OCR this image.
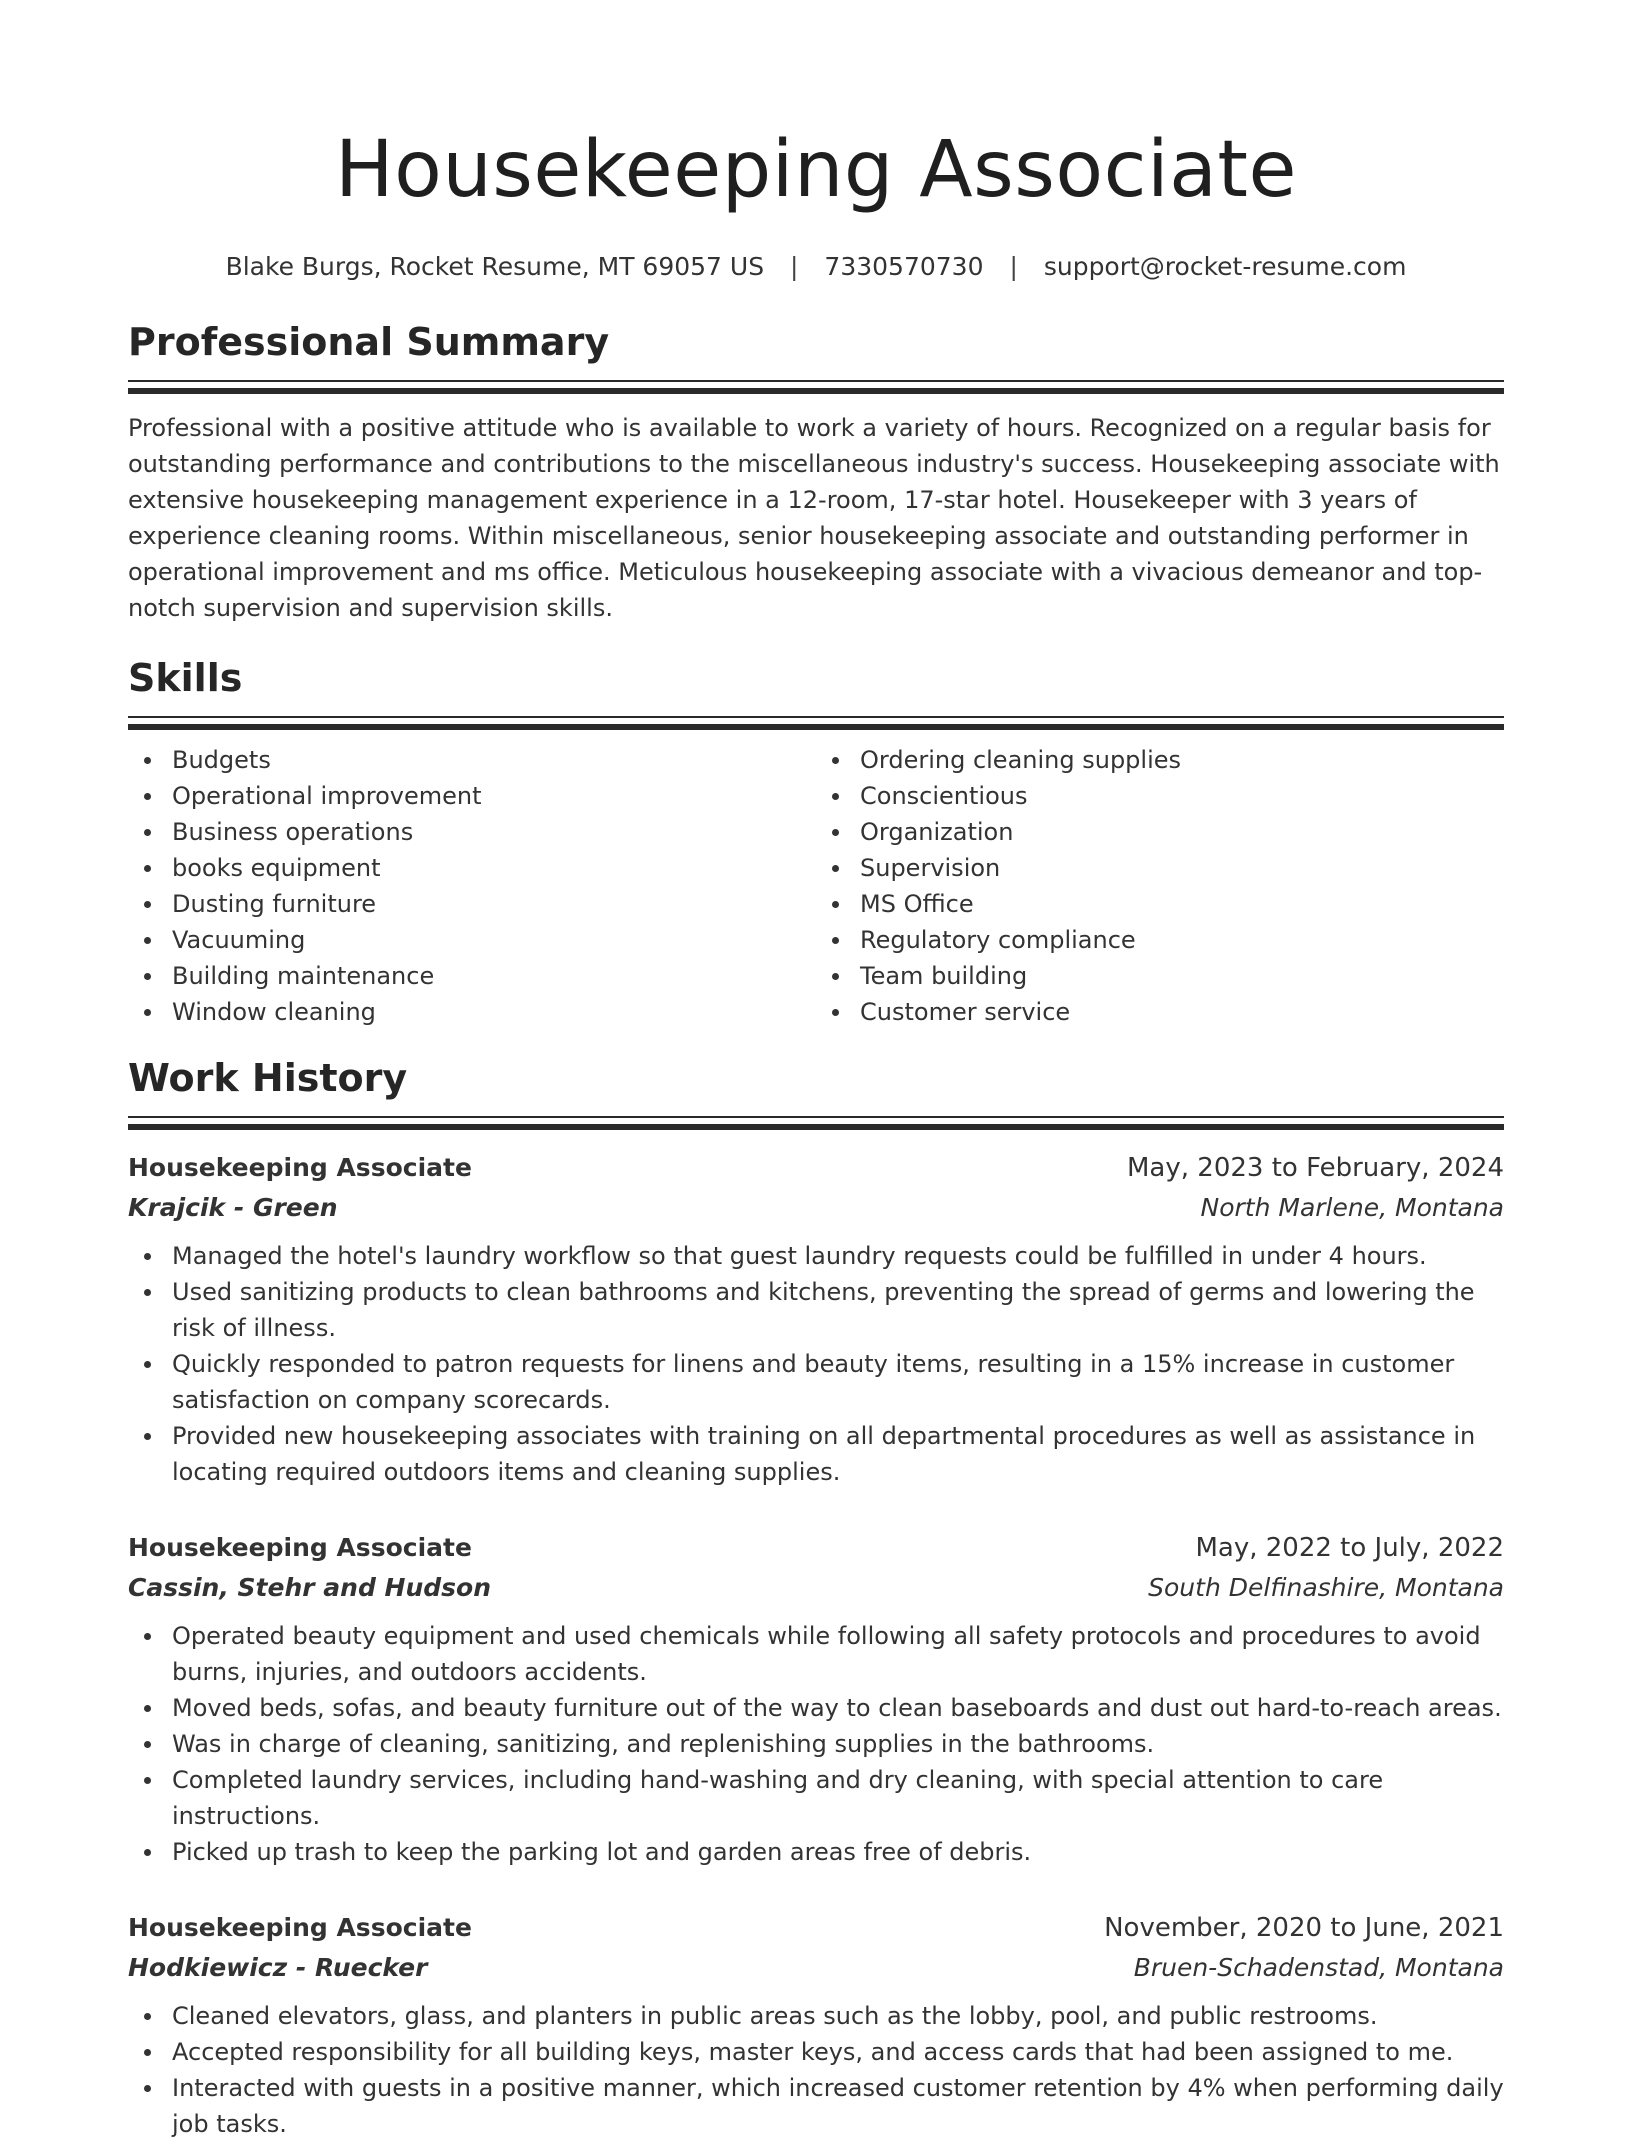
Housekeeping Associate
Blake Burgs, Rocket Resume, MT 69057 US | 7330570730 | support@rocket-resume.com
Professional Summary

Professional with a positive attitude who is available to work a variety of hours. Recognized on a regular basis for outstanding performance and contributions to the miscellaneous industry's success. Housekeeping associate with extensive housekeeping management experience in a 12-room, 17-star hotel. Housekeeper with 3 years of experience cleaning rooms. Within miscellaneous, senior housekeeping associate and outstanding performer in operational improvement and ms office. Meticulous housekeeping associate with a vivacious demeanor and top-notch supervision and supervision skills.

Skills
Budgets
Operational improvement
Business operations
books equipment
Dusting furniture
Vacuuming
Building maintenance
Window cleaning
Ordering cleaning supplies
Conscientious
Organization
Supervision
MS Office
Regulatory compliance
Team building
Customer service
Work History
Housekeeping Associate	May, 2023 to February, 2024
Krajcik - Green	North Marlene, Montana
Managed the hotel's laundry workflow so that guest laundry requests could be fulfilled in under 4 hours.
Used sanitizing products to clean bathrooms and kitchens, preventing the spread of germs and lowering the risk of illness.
Quickly responded to patron requests for linens and beauty items, resulting in a 15% increase in customer satisfaction on company scorecards.
Provided new housekeeping associates with training on all departmental procedures as well as assistance in locating required outdoors items and cleaning supplies.
Housekeeping Associate	May, 2022 to July, 2022
Cassin, Stehr and Hudson	South Delfinashire, Montana
Operated beauty equipment and used chemicals while following all safety protocols and procedures to avoid burns, injuries, and outdoors accidents.
Moved beds, sofas, and beauty furniture out of the way to clean baseboards and dust out hard-to-reach areas.
Was in charge of cleaning, sanitizing, and replenishing supplies in the bathrooms.
Completed laundry services, including hand-washing and dry cleaning, with special attention to care instructions.
Picked up trash to keep the parking lot and garden areas free of debris.
Housekeeping Associate	November, 2020 to June, 2021
Hodkiewicz - Ruecker	Bruen-Schadenstad, Montana
Cleaned elevators, glass, and planters in public areas such as the lobby, pool, and public restrooms.
Accepted responsibility for all building keys, master keys, and access cards that had been assigned to me.
Interacted with guests in a positive manner, which increased customer retention by 4% when performing daily job tasks.
